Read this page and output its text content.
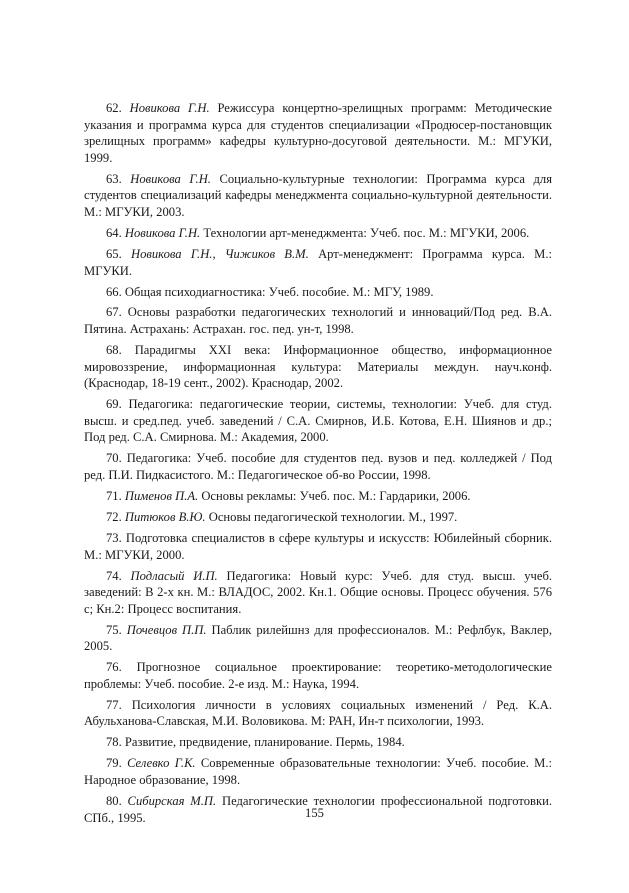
62. Новикова Г.Н. Режиссура концертно-зрелищных программ: Методические указания и программа курса для студентов специализации «Продюсер-постановщик зрелищных программ» кафедры культурно-досуговой деятельности. М.: МГУКИ, 1999.

63. Новикова Г.Н. Социально-культурные технологии: Программа курса для студентов специализаций кафедры менеджмента социально-культурной деятельности. М.: МГУКИ, 2003.

64. Новикова Г.Н. Технологии арт-менеджмента: Учеб. пос. М.: МГУКИ, 2006.

65. Новикова Г.Н., Чижиков В.М. Арт-менеджмент: Программа курса. М.: МГУКИ.

66. Общая психодиагностика: Учеб. пособие. М.: МГУ, 1989.

67. Основы разработки педагогических технологий и инноваций/Под ред. В.А. Пятина. Астрахань: Астрахан. гос. пед. ун-т, 1998.

68. Парадигмы XXI века: Информационное общество, информационное мировоззрение, информационная культура: Материалы междун. науч.конф.(Краснодар, 18-19 сент., 2002). Краснодар, 2002.

69. Педагогика: педагогические теории, системы, технологии: Учеб. для студ. высш. и сред.пед. учеб. заведений / С.А. Смирнов, И.Б. Котова, Е.Н. Шиянов и др.; Под ред. С.А. Смирнова. М.: Академия, 2000.

70. Педагогика: Учеб. пособие для студентов пед. вузов и пед. колледжей / Под ред. П.И. Пидкасистого. М.: Педагогическое об-во России, 1998.

71. Пименов П.А. Основы рекламы: Учеб. пос. М.: Гардарики, 2006.

72. Питюков В.Ю. Основы педагогической технологии. М., 1997.

73. Подготовка специалистов в сфере культуры и искусств: Юбилейный сборник. М.: МГУКИ, 2000.

74. Подласый И.П. Педагогика: Новый курс: Учеб. для студ. высш. учеб. заведений: В 2-х кн. М.: ВЛАДОС, 2002. Кн.1. Общие основы. Процесс обучения. 576 с; Кн.2: Процесс воспитания.

75. Почевцов П.П. Паблик рилейшнз для профессионалов. М.: Рефлбук, Ваклер, 2005.

76. Прогнозное социальное проектирование: теоретико-методологические проблемы: Учеб. пособие. 2-е изд. М.: Наука, 1994.

77. Психология личности в условиях социальных изменений / Ред. К.А. Абульханова-Славская, М.И. Воловикова. М: РАН, Ин-т психологии, 1993.

78. Развитие, предвидение, планирование. Пермь, 1984.

79. Селевко Г.К. Современные образовательные технологии: Учеб. пособие. М.: Народное образование, 1998.

80. Сибирская М.П. Педагогические технологии профессиональной подготовки. СПб., 1995.	155
